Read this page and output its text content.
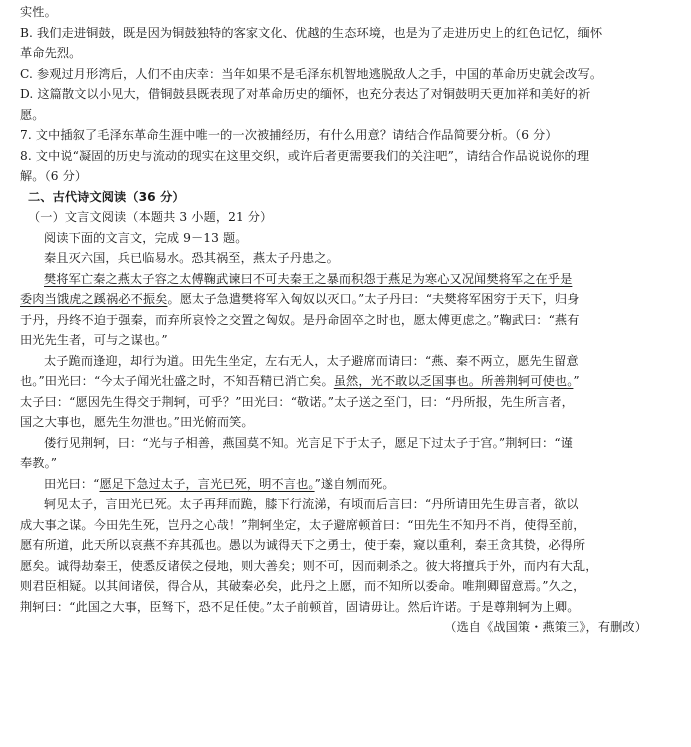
实性。
B. 我们走进铜鼓，既是因为铜鼓独特的客家文化、优越的生态环境，也是为了走进历史上的红色记忆，缅怀
革命先烈。
C. 参观过月形湾后，人们不由庆幸：当年如果不是毛泽东机智地逃脱敌人之手，中国的革命历史就会改写。
D. 这篇散文以小见大，借铜鼓县既表现了对革命历史的缅怀，也充分表达了对铜鼓明天更加祥和美好的祈
愿。
7. 文中插叙了毛泽东革命生涯中唯一的一次被捕经历，有什么用意？请结合作品简要分析。（6 分）
8. 文中说“凝固的历史与流动的现实在这里交织，或许后者更需要我们的关注吧”，请结合作品说说你的理
解。（6 分）
二、古代诗文阅读（36 分）
（一）文言文阅读（本题共 3 小题，21 分）
阅读下面的文言文，完成 9－13 题。
秦且灭六国，兵已临易水。恐其祸至，燕太子丹患之。
樊将军亡秦之燕太子容之太傅鞠武谏曰不可夫秦王之暴而积怨于燕足为寒心又况闻樊将军之在乎是
委肉当饿虎之蹊祸必不振矣。愿太子急遣樊将军入匈奴以灭口。”太子丹曰：“夫樊将军困穷于天下，归身
于丹，丹终不迫于强秦，而弃所哀怜之交置之匈奴。是丹命固卒之时也，愿太傅更虑之。”鞠武曰：“燕有
田光先生者，可与之谋也。”
太子跪而逢迎，却行为道。田先生坐定，左右无人，太子避席而请曰：“燕、秦不两立，愿先生留意
也。”田光曰：“今太子闻光壮盛之时，不知吾精已消亡矣。虽然，光不敢以乏国事也。所善荆轲可使也。”
太子曰：“愿因先生得交于荆轲，可乎？”田光曰：“敬诺。”太子送之至门，曰：“丹所报，先生所言者，
国之大事也，愿先生勿泄也。”田光俯而笑。
偻行见荆轲，曰：“光与子相善，燕国莫不知。光言足下于太子，愿足下过太子于宫。”荆轲曰：“谨
奉教。”
田光曰：“愿足下急过太子，言光已死，明不言也。”遂自刎而死。
轲见太子，言田光已死。太子再拜而跪，膝下行流涕，有顷而后言曰：“丹所请田先生毋言者，欲以
成大事之谋。今田先生死，岂丹之心哉！”荆轲坐定，太子避席顿首曰：“田先生不知丹不肖，使得至前，
愿有所道，此天所以哀燕不弃其孤也。愚以为诚得天下之勇士，使于秦，窥以重利，秦王贪其贽，必得所
愿矣。诚得劫秦王，使悉反诸侯之侵地，则大善矣；则不可，因而刺杀之。彼大将擅兵于外，而内有大乱，
则君臣相疑。以其间诸侯，得合从，其破秦必矣，此丹之上愿，而不知所以委命。唯荆卿留意焉。”久之，
荆轲曰：“此国之大事，臣驽下，恐不足任使。”太子前顿首，固请毋让。然后许诺。于是尊荆轲为上卿。
（选自《战国策・燕策三》，有删改）
